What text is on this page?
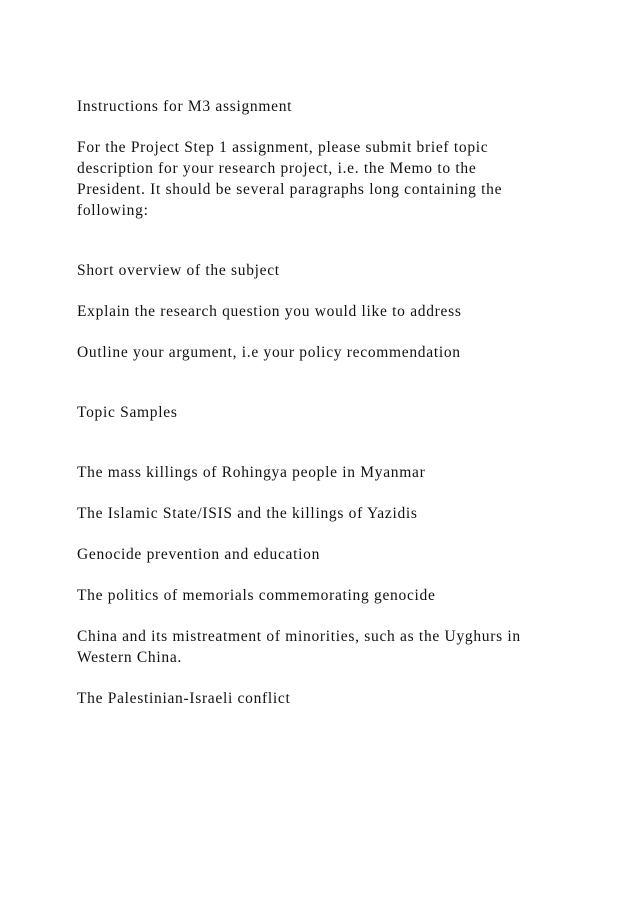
Instructions for M3 assignment

For the Project Step 1 assignment, please submit brief topic

description for your research project, i.e. the Memo to the

President. It should be several paragraphs long containing the

following:

Short overview of the subject

Explain the research question you would like to address

Outline your argument, i.e your policy recommendation

Topic Samples

The mass killings of Rohingya people in Myanmar

The Islamic State/ISIS and the killings of Yazidis

Genocide prevention and education

The politics of memorials commemorating genocide

China and its mistreatment of minorities, such as the Uyghurs in

Western China.

The Palestinian-Israeli conflict
